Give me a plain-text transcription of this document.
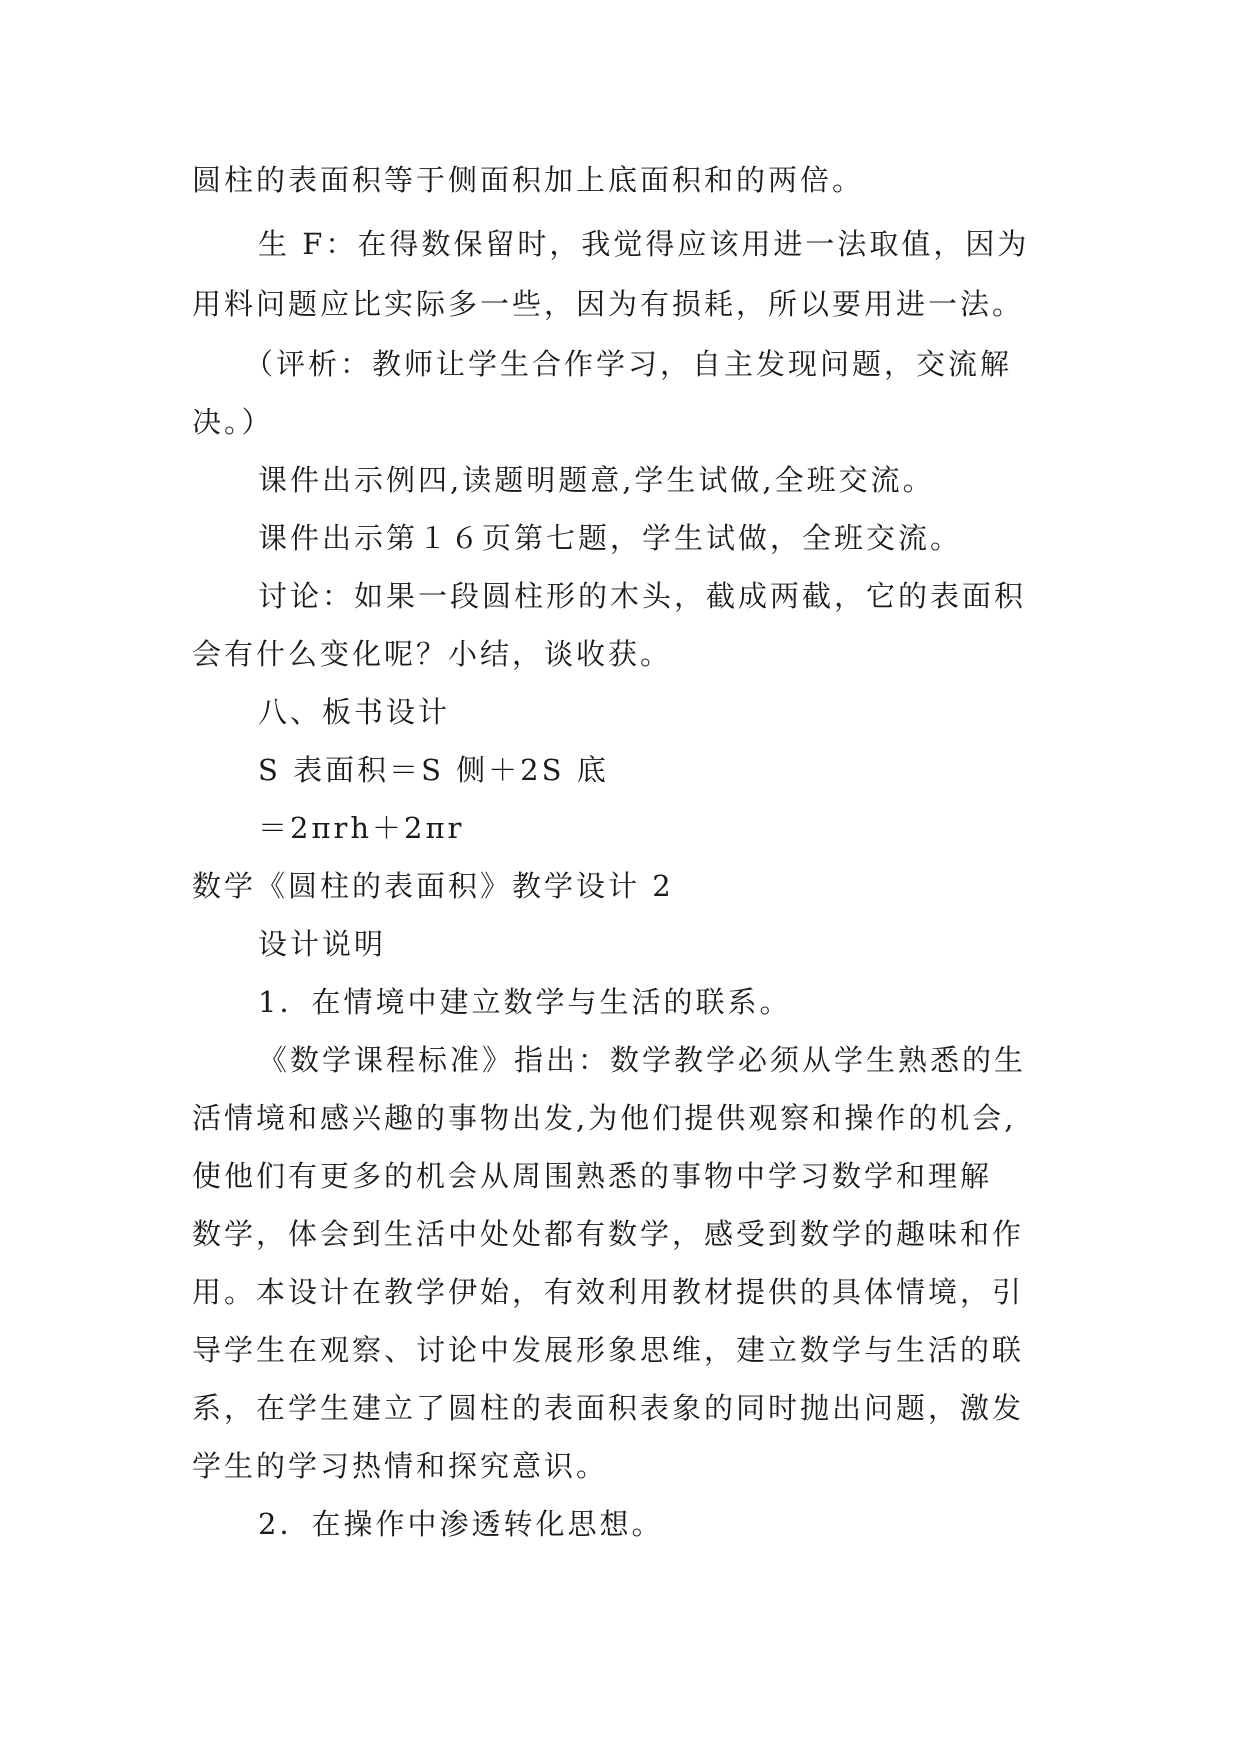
圆柱的表面积等于侧面积加上底面积和的两倍。
生 F：在得数保留时，我觉得应该用进一法取值，因为
用料问题应比实际多一些，因为有损耗，所以要用进一法。
（评析：教师让学生合作学习，自主发现问题，交流解
决。）
课件出示例四,读题明题意,学生试做,全班交流。
课件出示第１６页第七题，学生试做，全班交流。
讨论：如果一段圆柱形的木头，截成两截，它的表面积
会有什么变化呢？小结，谈收获。
八、板书设计
S 表面积＝S 侧＋2S 底
＝2πrh＋2πr
数学《圆柱的表面积》教学设计 2
设计说明
1．在情境中建立数学与生活的联系。
《数学课程标准》指出：数学教学必须从学生熟悉的生
活情境和感兴趣的事物出发,为他们提供观察和操作的机会,
使他们有更多的机会从周围熟悉的事物中学习数学和理解
数学，体会到生活中处处都有数学，感受到数学的趣味和作
用。本设计在教学伊始，有效利用教材提供的具体情境，引
导学生在观察、讨论中发展形象思维，建立数学与生活的联
系，在学生建立了圆柱的表面积表象的同时抛出问题，激发
学生的学习热情和探究意识。
2．在操作中渗透转化思想。
